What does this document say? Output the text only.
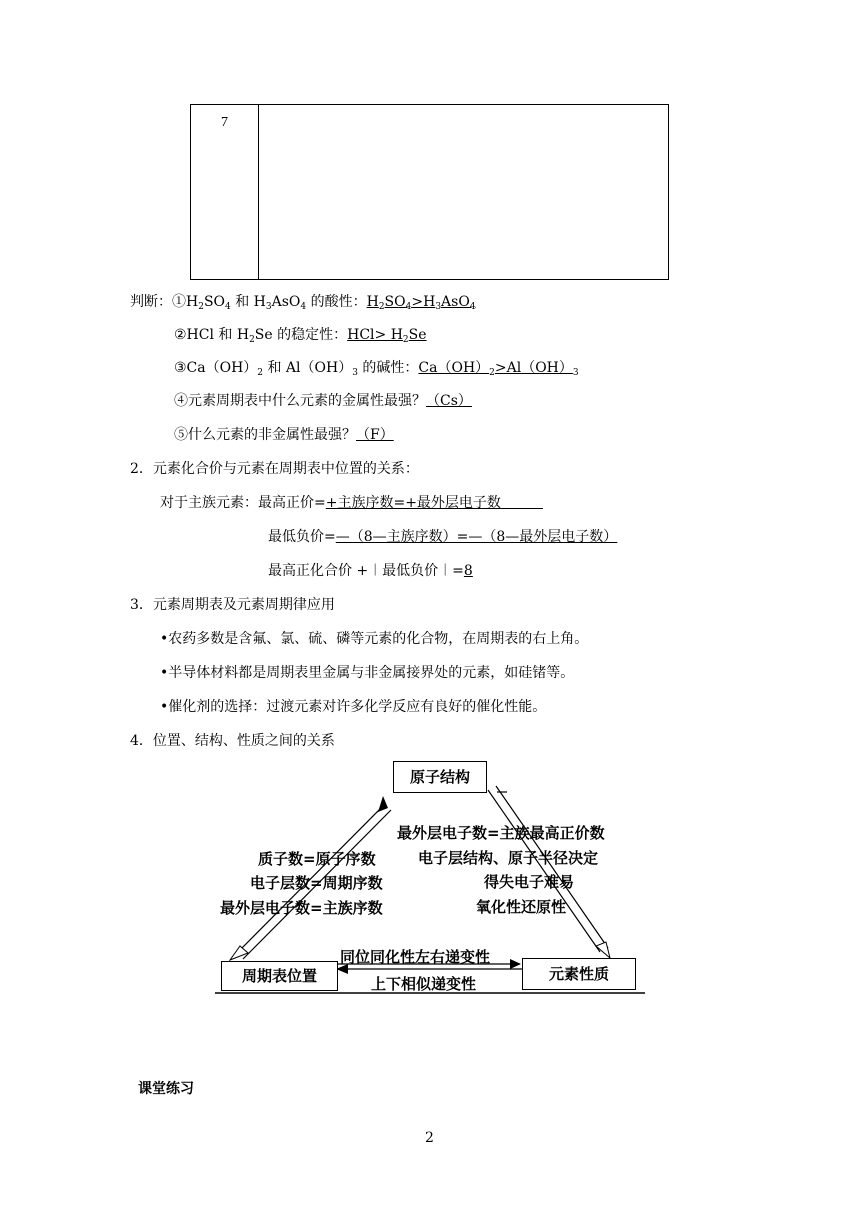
7
判断：$①H_2SO_4$ 和 $H_3AsO_4$ 的酸性：$H_2SO_4>H_3AsO_4$
②HCl 和 $H_2Se$ 的稳定性：$HCl> H_2Se$
$③Ca(OH)_2$ 和 $Al(OH)_3$ 的碱性：$Ca(OH)_2>Al(OH)_3$
④元素周期表中什么元素的金属性最强？（Cs）
⑤什么元素的非金属性最强？（F）
2．元素化合价与元素在周期表中位置的关系：
对于主族元素：最高正价=+主族序数=+最外层电子数　　　
最低负价=—（8—主族序数）=—（8—最外层电子数）
最高正化合价 +︱最低负价︱=8
3．元素周期表及元素周期律应用
•农药多数是含氟、氯、硫、磷等元素的化合物，在周期表的右上角。
•半导体材料都是周期表里金属与非金属接界处的元素，如硅锗等。
•催化剂的选择：过渡元素对许多化学反应有良好的催化性能。
4．位置、结构、性质之间的关系
原子结构
周期表位置	元素性质
质子数=原子序数
电子层数=周期序数
最外层电子数=主族序数
最外层电子数=主族最高正价数
电子层结构、原子半径决定
得失电子难易
氧化性还原性
同位同化性左右递变性
上下相似递变性
课堂练习
2
